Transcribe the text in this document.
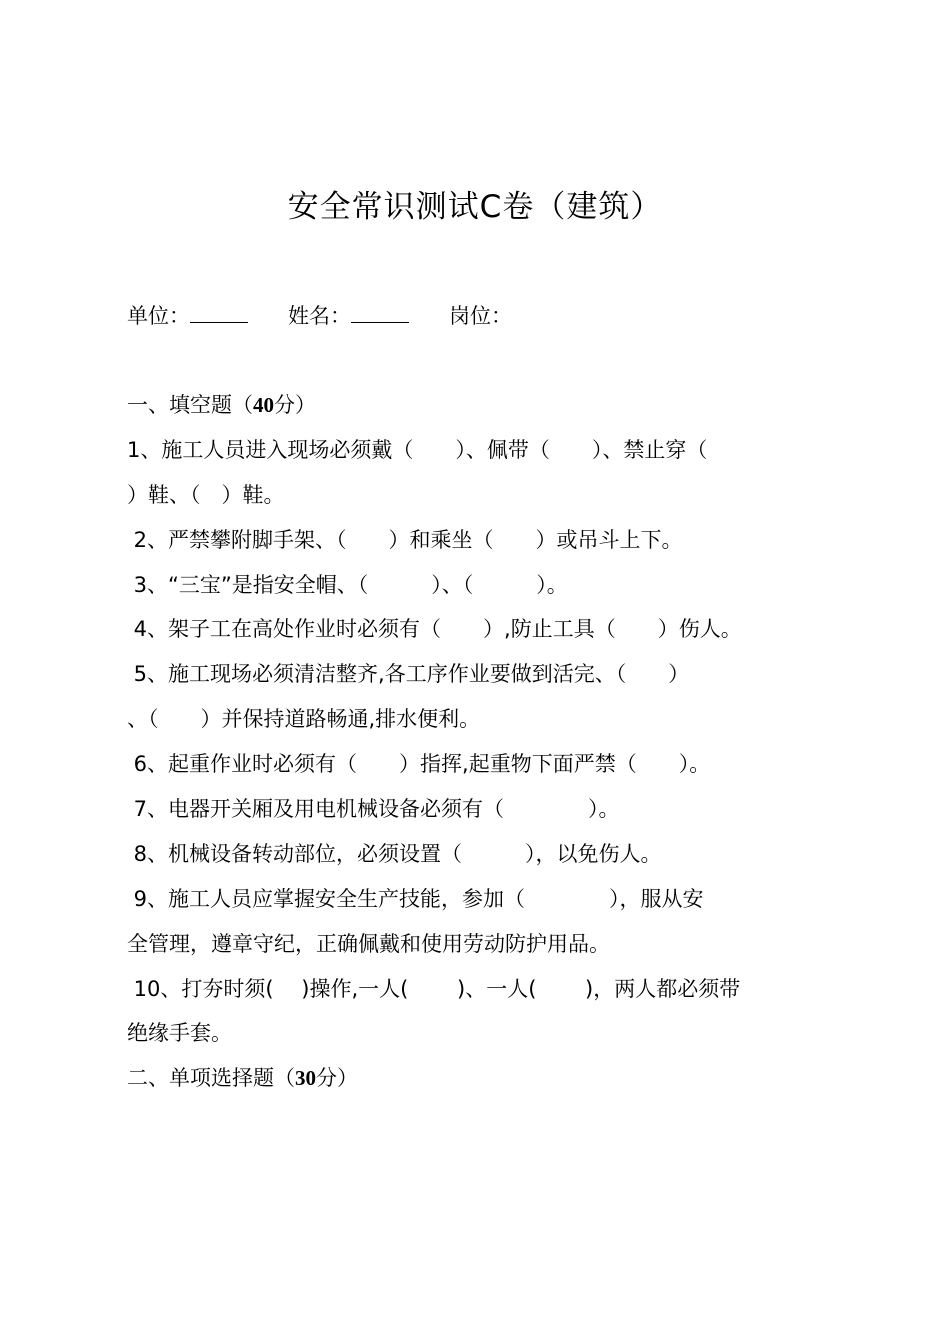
安全常识测试C卷（建筑）
单位：	姓名：	岗位：
一、填空题（40分）
1、施工人员进入现场必须戴（　　）、佩带（　　）、禁止穿（
）鞋、（　）鞋。
2、严禁攀附脚手架、（　　）和乘坐（　　）或吊斗上下。
3、“三宝”是指安全帽、（　　　）、（　　　）。
4、架子工在高处作业时必须有（　　）,防止工具（　　）伤人。
5、施工现场必须清洁整齐,各工序作业要做到活完、（　　）
、（　　）并保持道路畅通,排水便利。
6、起重作业时必须有（　　）指挥,起重物下面严禁（　　）。
7、电器开关厢及用电机械设备必须有（　　　　）。
8、机械设备转动部位，必须设置（　　　），以免伤人。
9、施工人员应掌握安全生产技能，参加（　　　　），服从安
全管理，遵章守纪，正确佩戴和使用劳动防护用品。
10、打夯时须(　 )操作,一人(　　 )、一人(　　 )，两人都必须带
绝缘手套。
二、单项选择题（30分）
